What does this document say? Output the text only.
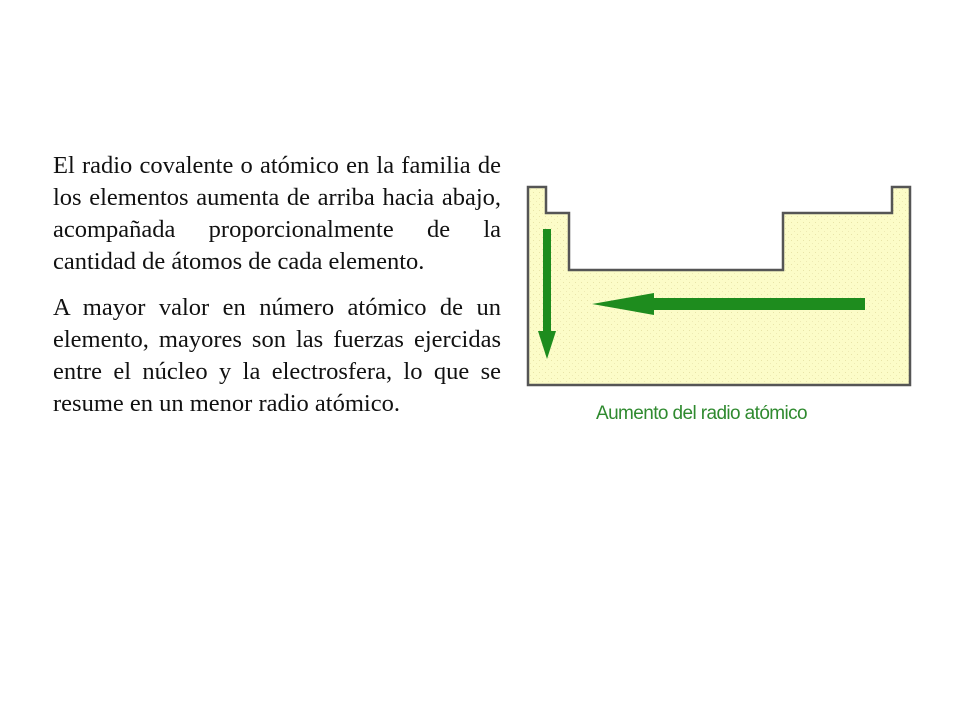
El radio covalente o atómico en la familia de los elementos aumenta de arriba hacia abajo, acompañada proporcionalmente de la cantidad de átomos de cada elemento.

A mayor valor en número atómico de un elemento, mayores son las fuerzas ejercidas entre el núcleo y la electrosfera, lo que se resume en un menor radio atómico.	Aumento del radio atómico
